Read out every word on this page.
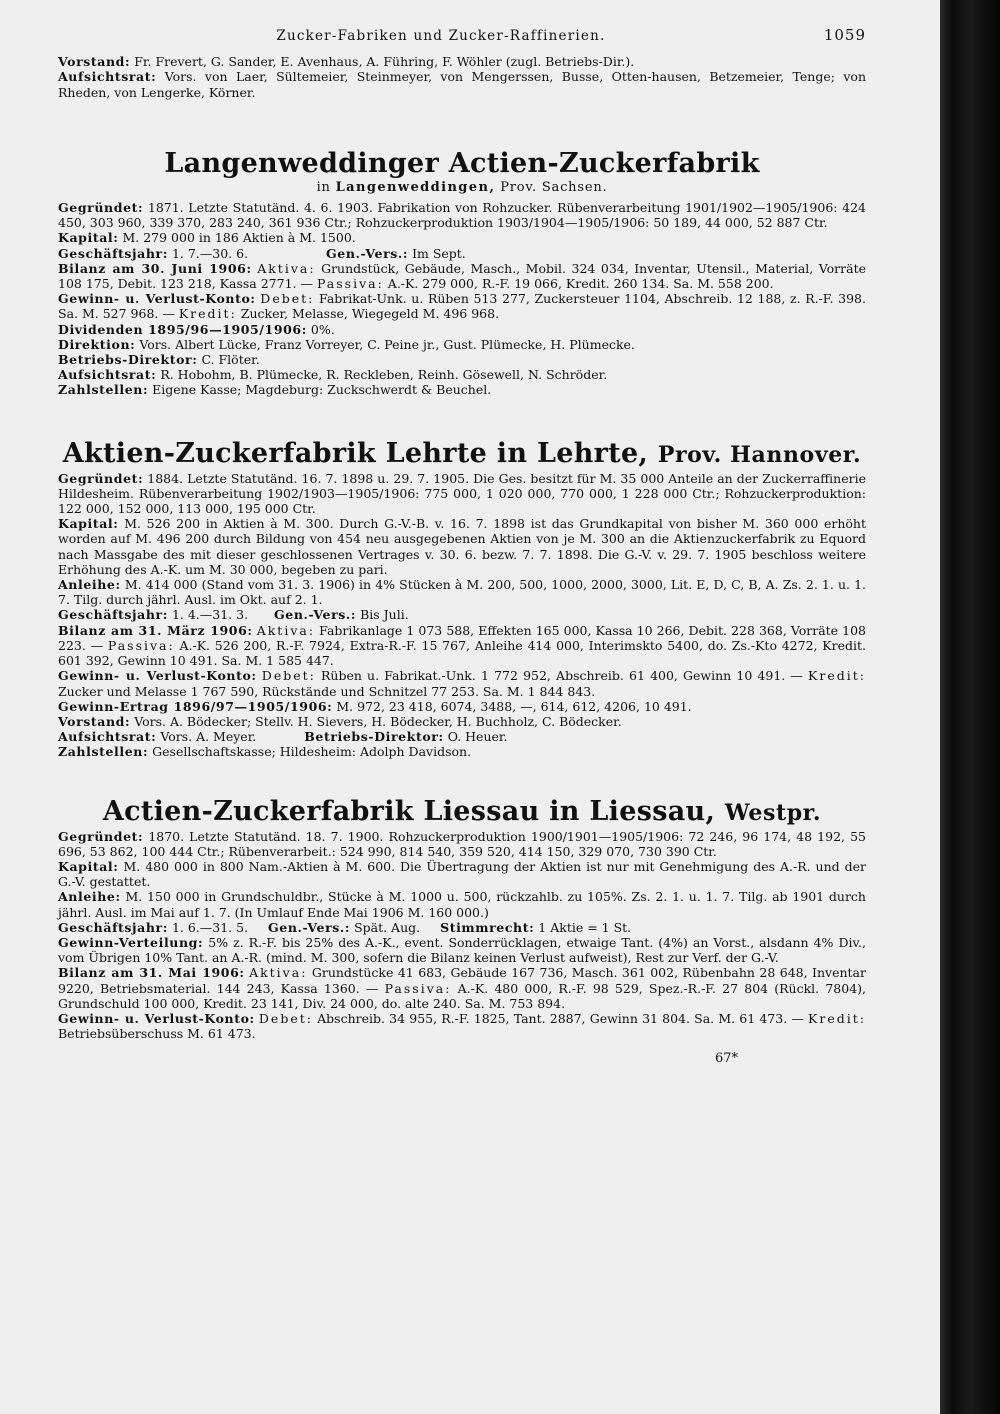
Zucker-Fabriken und Zucker-Raffinerien.	1059

Vorstand: Fr. Frevert, G. Sander, E. Avenhaus, A. Führing, F. Wöhler (zugl. Betriebs-Dir.).

Aufsichtsrat: Vors. von Laer, Sültemeier, Steinmeyer, von Mengerssen, Busse, Otten-hausen, Betzemeier, Tenge; von Rheden, von Lengerke, Körner.

Langenweddinger Actien-Zuckerfabrik

in Langenweddingen, Prov. Sachsen.

Gegründet: 1871. Letzte Statutänd. 4. 6. 1903. Fabrikation von Rohzucker. Rübenverarbeitung 1901/1902—1905/1906: 424 450, 303 960, 339 370, 283 240, 361 936 Ctr.; Rohzuckerproduktion 1903/1904—1905/1906: 50 189, 44 000, 52 887 Ctr.

Kapital: M. 279 000 in 186 Aktien à M. 1500.

Geschäftsjahr: 1. 7.—30. 6.	Gen.-Vers.: Im Sept.

Bilanz am 30. Juni 1906: Aktiva: Grundstück, Gebäude, Masch., Mobil. 324 034, Inventar, Utensil., Material, Vorräte 108 175, Debit. 123 218, Kassa 2771. — Passiva: A.-K. 279 000, R.-F. 19 066, Kredit. 260 134. Sa. M. 558 200.

Gewinn- u. Verlust-Konto: Debet: Fabrikat-Unk. u. Rüben 513 277, Zuckersteuer 1104, Abschreib. 12 188, z. R.-F. 398. Sa. M. 527 968. — Kredit: Zucker, Melasse, Wiegegeld M. 496 968.

Dividenden 1895/96—1905/1906: 0%.

Direktion: Vors. Albert Lücke, Franz Vorreyer, C. Peine jr., Gust. Plümecke, H. Plümecke.

Betriebs-Direktor: C. Flöter.

Aufsichtsrat: R. Hobohm, B. Plümecke, R. Reckleben, Reinh. Gösewell, N. Schröder.

Zahlstellen: Eigene Kasse; Magdeburg: Zuckschwerdt & Beuchel.

Aktien-Zuckerfabrik Lehrte in Lehrte, Prov. Hannover.

Gegründet: 1884. Letzte Statutänd. 16. 7. 1898 u. 29. 7. 1905. Die Ges. besitzt für M. 35 000 Anteile an der Zuckerraffinerie Hildesheim. Rübenverarbeitung 1902/1903—1905/1906: 775 000, 1 020 000, 770 000, 1 228 000 Ctr.; Rohzuckerproduktion: 122 000, 152 000, 113 000, 195 000 Ctr.

Kapital: M. 526 200 in Aktien à M. 300. Durch G.-V.-B. v. 16. 7. 1898 ist das Grundkapital von bisher M. 360 000 erhöht worden auf M. 496 200 durch Bildung von 454 neu ausgegebenen Aktien von je M. 300 an die Aktienzuckerfabrik zu Equord nach Massgabe des mit dieser geschlossenen Vertrages v. 30. 6. bezw. 7. 7. 1898. Die G.-V. v. 29. 7. 1905 beschloss weitere Erhöhung des A.-K. um M. 30 000, begeben zu pari.

Anleihe: M. 414 000 (Stand vom 31. 3. 1906) in 4% Stücken à M. 200, 500, 1000, 2000, 3000, Lit. E, D, C, B, A. Zs. 2. 1. u. 1. 7. Tilg. durch jährl. Ausl. im Okt. auf 2. 1.

Geschäftsjahr: 1. 4.—31. 3. Gen.-Vers.: Bis Juli.

Bilanz am 31. März 1906: Aktiva: Fabrikanlage 1 073 588, Effekten 165 000, Kassa 10 266, Debit. 228 368, Vorräte 108 223. — Passiva: A.-K. 526 200, R.-F. 7924, Extra-R.-F. 15 767, Anleihe 414 000, Interimskto 5400, do. Zs.-Kto 4272, Kredit. 601 392, Gewinn 10 491. Sa. M. 1 585 447.

Gewinn- u. Verlust-Konto: Debet: Rüben u. Fabrikat.-Unk. 1 772 952, Abschreib. 61 400, Gewinn 10 491. — Kredit: Zucker und Melasse 1 767 590, Rückstände und Schnitzel 77 253. Sa. M. 1 844 843.

Gewinn-Ertrag 1896/97—1905/1906: M. 972, 23 418, 6074, 3488, —, 614, 612, 4206, 10 491.

Vorstand: Vors. A. Bödecker; Stellv. H. Sievers, H. Bödecker, H. Buchholz, C. Bödecker.

Aufsichtsrat: Vors. A. Meyer.	Betriebs-Direktor: O. Heuer.

Zahlstellen: Gesellschaftskasse; Hildesheim: Adolph Davidson.

Actien-Zuckerfabrik Liessau in Liessau, Westpr.

Gegründet: 1870. Letzte Statutänd. 18. 7. 1900. Rohzuckerproduktion 1900/1901—1905/1906: 72 246, 96 174, 48 192, 55 696, 53 862, 100 444 Ctr.; Rübenverarbeit.: 524 990, 814 540, 359 520, 414 150, 329 070, 730 390 Ctr.

Kapital: M. 480 000 in 800 Nam.-Aktien à M. 600. Die Übertragung der Aktien ist nur mit Genehmigung des A.-R. und der G.-V. gestattet.

Anleihe: M. 150 000 in Grundschuldbr., Stücke à M. 1000 u. 500, rückzahlb. zu 105%. Zs. 2. 1. u. 1. 7. Tilg. ab 1901 durch jährl. Ausl. im Mai auf 1. 7. (In Umlauf Ende Mai 1906 M. 160 000.)

Geschäftsjahr: 1. 6.—31. 5. Gen.-Vers.: Spät. Aug. Stimmrecht: 1 Aktie = 1 St.

Gewinn-Verteilung: 5% z. R.-F. bis 25% des A.-K., event. Sonderrücklagen, etwaige Tant. (4%) an Vorst., alsdann 4% Div., vom Übrigen 10% Tant. an A.-R. (mind. M. 300, sofern die Bilanz keinen Verlust aufweist), Rest zur Verf. der G.-V.

Bilanz am 31. Mai 1906: Aktiva: Grundstücke 41 683, Gebäude 167 736, Masch. 361 002, Rübenbahn 28 648, Inventar 9220, Betriebsmaterial. 144 243, Kassa 1360. — Passiva: A.-K. 480 000, R.-F. 98 529, Spez.-R.-F. 27 804 (Rückl. 7804), Grundschuld 100 000, Kredit. 23 141, Div. 24 000, do. alte 240. Sa. M. 753 894.

Gewinn- u. Verlust-Konto: Debet: Abschreib. 34 955, R.-F. 1825, Tant. 2887, Gewinn 31 804. Sa. M. 61 473. — Kredit: Betriebsüberschuss M. 61 473.

67*
